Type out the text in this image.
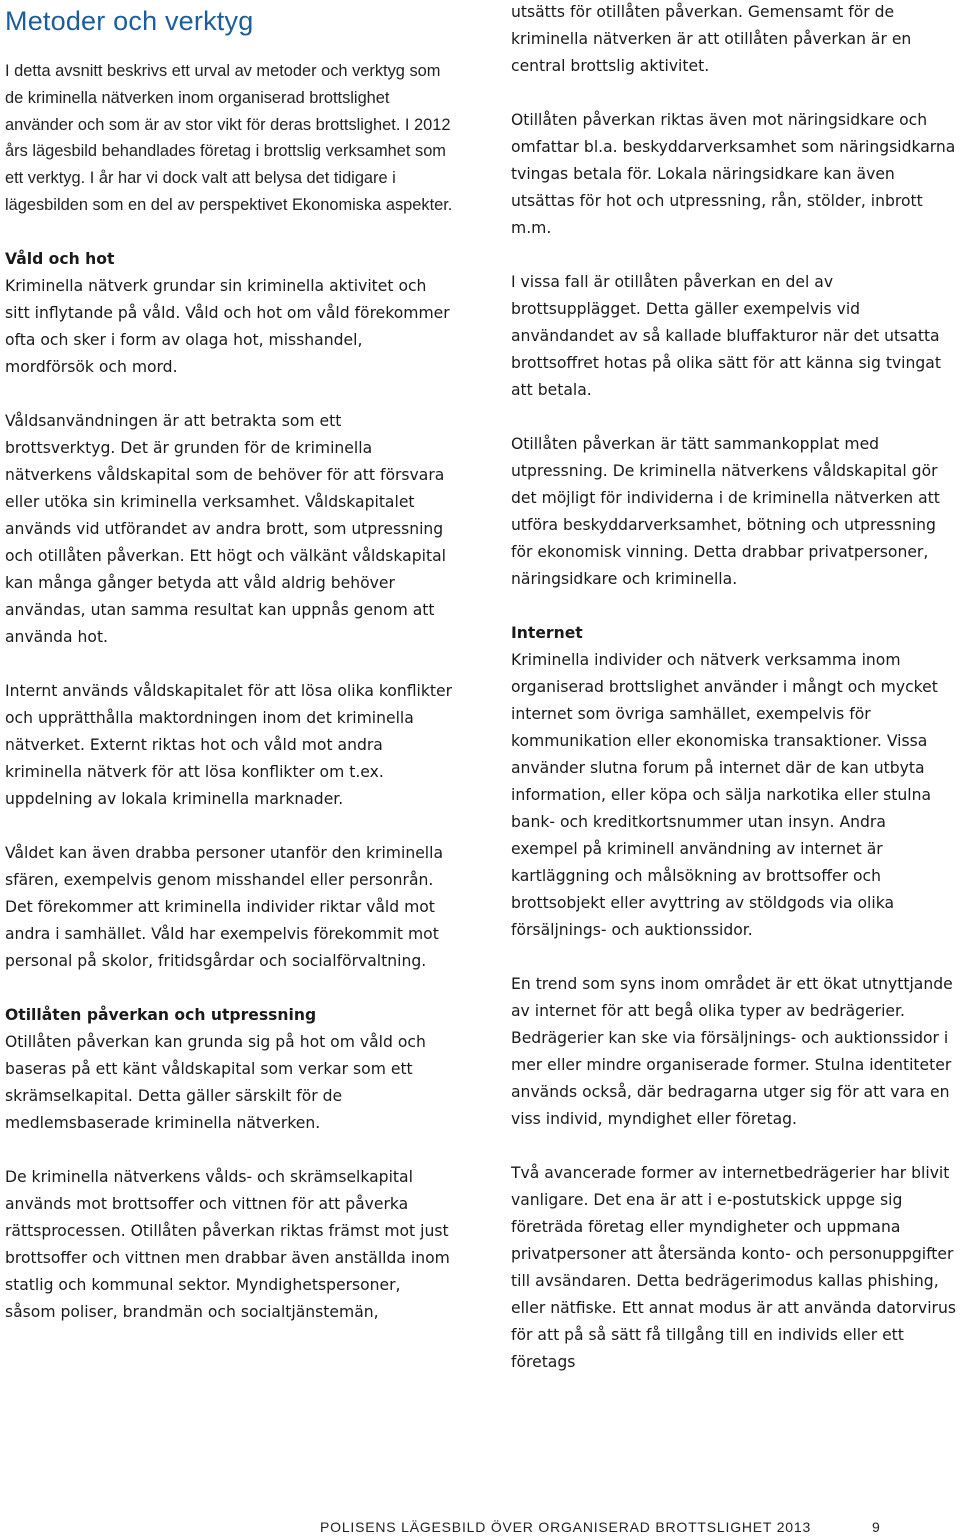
Metoder och verktyg

I detta avsnitt beskrivs ett urval av metoder och verktyg som de kriminella nätverken inom organiserad brottslighet använder och som är av stor vikt för deras brottslighet. I 2012 års lägesbild behandlades företag i brottslig verksamhet som ett verktyg. I år har vi dock valt att belysa det tidigare i lägesbilden som en del av perspektivet Ekonomiska aspekter.

Våld och hot

Kriminella nätverk grundar sin kriminella aktivitet och sitt inflytande på våld. Våld och hot om våld förekommer ofta och sker i form av olaga hot, misshandel, mordförsök och mord.

Våldsanvändningen är att betrakta som ett brottsverktyg. Det är grunden för de kriminella nätverkens våldskapital som de behöver för att försvara eller utöka sin kriminella verksamhet. Våldskapitalet används vid utförandet av andra brott, som utpressning och otillåten påverkan. Ett högt och välkänt våldskapital kan många gånger betyda att våld aldrig behöver användas, utan samma resultat kan uppnås genom att använda hot.

Internt används våldskapitalet för att lösa olika konflikter och upprätthålla maktordningen inom det kriminella nätverket. Externt riktas hot och våld mot andra kriminella nätverk för att lösa konflikter om t.ex. uppdelning av lokala kriminella marknader.

Våldet kan även drabba personer utanför den kriminella sfären, exempelvis genom misshandel eller personrån. Det förekommer att kriminella individer riktar våld mot andra i samhället. Våld har exempelvis förekommit mot personal på skolor, fritidsgårdar och socialförvaltning.

Otillåten påverkan och utpressning

Otillåten påverkan kan grunda sig på hot om våld och baseras på ett känt våldskapital som verkar som ett skrämselkapital. Detta gäller särskilt för de medlemsbaserade kriminella nätverken.

De kriminella nätverkens vålds- och skrämselkapital används mot brottsoffer och vittnen för att påverka rättsprocessen. Otillåten påverkan riktas främst mot just brottsoffer och vittnen men drabbar även anställda inom statlig och kommunal sektor. Myndighetspersoner, såsom poliser, brandmän och socialtjänstemän,

utsätts för otillåten påverkan. Gemensamt för de kriminella nätverken är att otillåten påverkan är en central brottslig aktivitet.

Otillåten påverkan riktas även mot näringsidkare och omfattar bl.a. beskyddarverksamhet som näringsidkarna tvingas betala för. Lokala näringsidkare kan även utsättas för hot och utpressning, rån, stölder, inbrott m.m.

I vissa fall är otillåten påverkan en del av brottsupplägget. Detta gäller exempelvis vid användandet av så kallade bluffakturor när det utsatta brottsoffret hotas på olika sätt för att känna sig tvingat att betala.

Otillåten påverkan är tätt sammankopplat med utpressning. De kriminella nätverkens våldskapital gör det möjligt för individerna i de kriminella nätverken att utföra beskyddarverksamhet, bötning och utpressning för ekonomisk vinning. Detta drabbar privatpersoner, näringsidkare och kriminella.

Internet

Kriminella individer och nätverk verksamma inom organiserad brottslighet använder i mångt och mycket internet som övriga samhället, exempelvis för kommunikation eller ekonomiska transaktioner. Vissa använder slutna forum på internet där de kan utbyta information, eller köpa och sälja narkotika eller stulna bank- och kreditkortsnummer utan insyn. Andra exempel på kriminell användning av internet är kartläggning och målsökning av brottsoffer och brottsobjekt eller avyttring av stöldgods via olika försäljnings- och auktionssidor.

En trend som syns inom området är ett ökat utnyttjande av internet för att begå olika typer av bedrägerier. Bedrägerier kan ske via försäljnings- och auktionssidor i mer eller mindre organiserade former. Stulna identiteter används också, där bedragarna utger sig för att vara en viss individ, myndighet eller företag.

Två avancerade former av internetbedrägerier har blivit vanligare. Det ena är att i e-postutskick uppge sig företräda företag eller myndigheter och uppmana privatpersoner att återsända konto- och personuppgifter till avsändaren. Detta bedrägerimodus kallas phishing, eller nätfiske. Ett annat modus är att använda datorvirus för att på så sätt få tillgång till en individs eller ett företags

POLISENS LÄGESBILD ÖVER ORGANISERAD BROTTSLIGHET 2013	9
